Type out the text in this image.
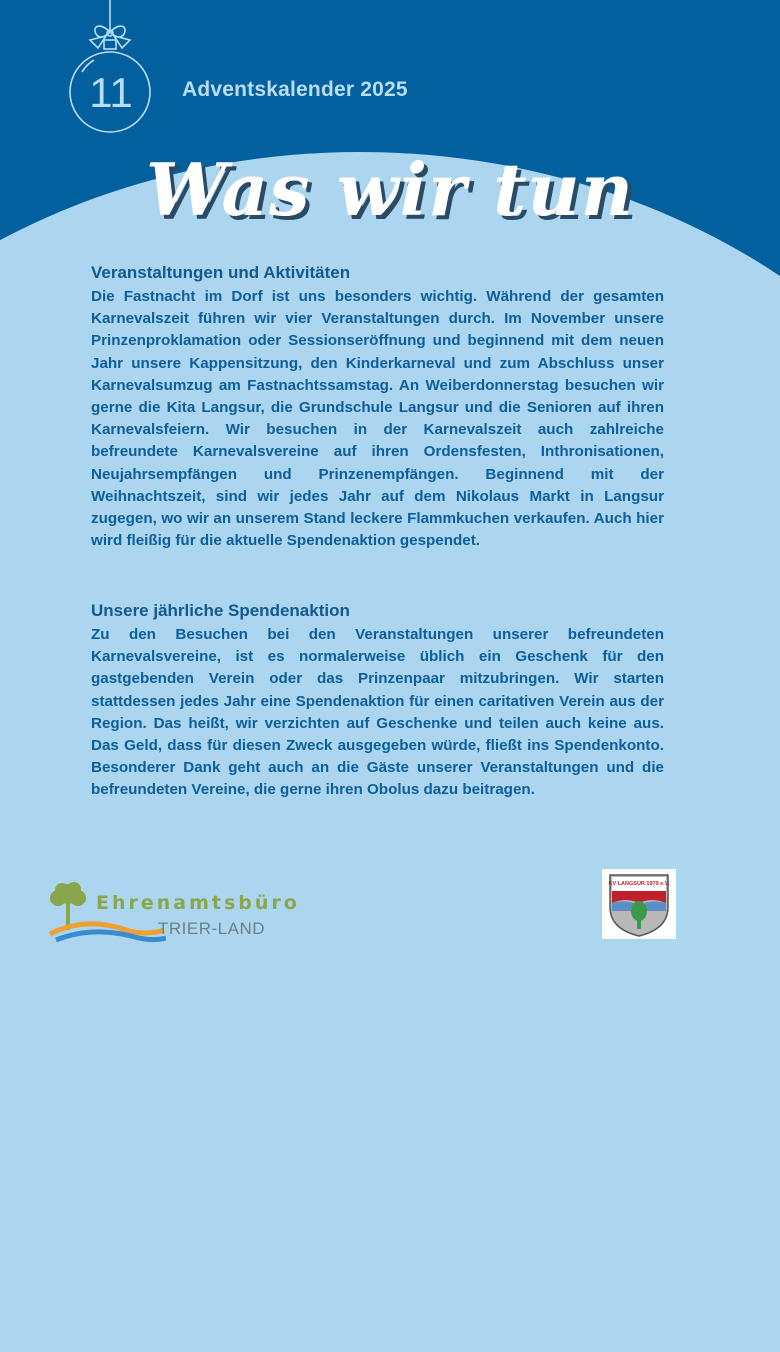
11	Adventskalender 2025
Was wir tun
Veranstaltungen und Aktivitäten

Die Fastnacht im Dorf ist uns besonders wichtig. Während der gesamten Karnevalszeit führen wir vier Veranstaltungen durch. Im November unsere Prinzenproklamation oder Sessionseröffnung und beginnend mit dem neuen Jahr unsere Kappensitzung, den Kinderkarneval und zum Abschluss unser Karnevalsumzug am Fastnachtssamstag. An Weiberdonnerstag besuchen wir gerne die Kita Langsur, die Grundschule Langsur und die Senioren auf ihren Karnevalsfeiern. Wir besuchen in der Karnevalszeit auch zahlreiche befreundete Karnevalsvereine auf ihren Ordensfesten, Inthronisationen, Neujahrsempfängen und Prinzenempfängen. Beginnend mit der Weihnachtszeit, sind wir jedes Jahr auf dem Nikolaus Markt in Langsur zugegen, wo wir an unserem Stand leckere Flammkuchen verkaufen. Auch hier wird fleißig für die aktuelle Spendenaktion gespendet.

Unsere jährliche Spendenaktion

Zu den Besuchen bei den Veranstaltungen unserer befreundeten Karnevalsvereine, ist es normalerweise üblich ein Geschenk für den gastgebenden Verein oder das Prinzenpaar mitzubringen. Wir starten stattdessen jedes Jahr eine Spendenaktion für einen caritativen Verein aus der Region. Das heißt, wir verzichten auf Geschenke und teilen auch keine aus. Das Geld, dass für diesen Zweck ausgegeben würde, fließt ins Spendenkonto. Besonderer Dank geht auch an die Gäste unserer Veranstaltungen und die befreundeten Vereine, die gerne ihren Obolus dazu beitragen.

Ehrenamtsbüro
TRIER-LAND
KV LANGSUR 1979 e.V.
